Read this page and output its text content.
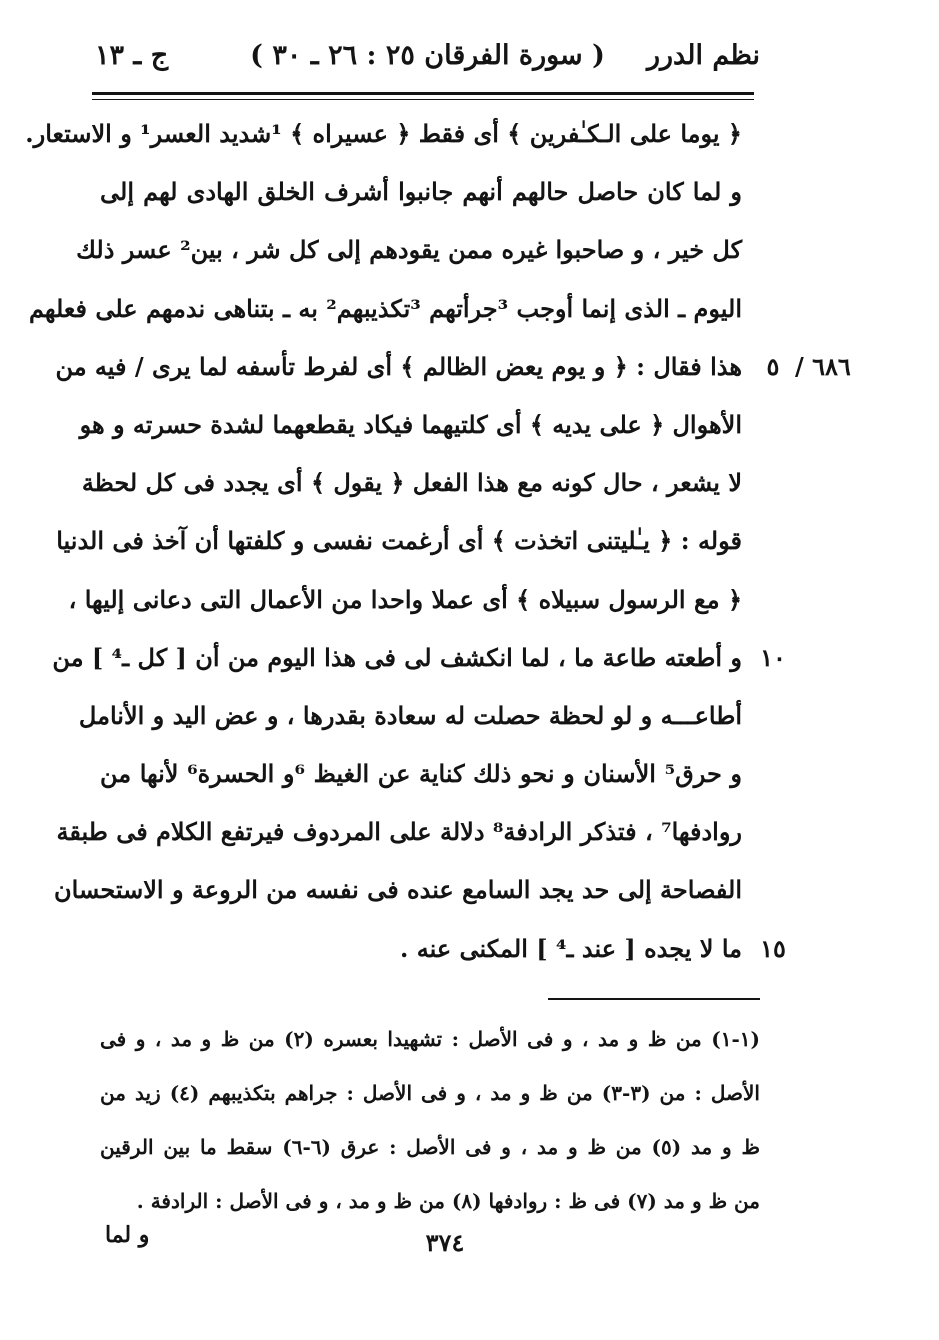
نظم الدرر
( سورة الفرقان ٢٥ : ٢٦ ـ ٣٠ )
ج ـ ١٣
٦٨٦ /
٥
١٠
١٥
﴿ يوما على الـكـٰفرين ﴾ أى فقط ﴿ عسيراه ﴾ ¹شديد العسر¹ و الاستعار.
و لما كان حاصل حالهم أنهم جانبوا أشرف الخلق الهادى لهم إلى
كل خير ، و صاحبوا غيره ممن يقودهم إلى كل شر ، بين² عسر ذلك
اليوم ـ الذى إنما أوجب ³جرأتهم ³تكذيبهم² به ـ بتناهى ندمهم على فعلهم
هذا فقال : ﴿ و يوم يعض الظالم ﴾ أى لفرط تأسفه لما يرى / فيه من
الأهوال ﴿ على يديه ﴾ أى كلتيهما فيكاد يقطعهما لشدة حسرته و هو
لا يشعر ، حال كونه مع هذا الفعل ﴿ يقول ﴾ أى يجدد فى كل لحظة
قوله : ﴿ يـٰليتنى اتخذت ﴾ أى أرغمت نفسى و كلفتها أن آخذ فى الدنيا
﴿ مع الرسول سبيلاه ﴾ أى عملا واحدا من الأعمال التى دعانى إليها ،
و أطعته طاعة ما ، لما انكشف لى فى هذا اليوم من أن [ كل ـ⁴ ] من
أطاعـــه و لو لحظة حصلت له سعادة بقدرها ، و عض اليد و الأنامل
و حرق⁵ الأسنان و نحو ذلك كناية عن الغيظ ⁶و الحسرة⁶ لأنها من
روادفها⁷ ، فتذكر الرادفة⁸ دلالة على المردوف فيرتفع الكلام فى طبقة
الفصاحة إلى حد يجد السامع عنده فى نفسه من الروعة و الاستحسان
ما لا يجده [ عند ـ⁴ ] المكنى عنه .
(١-١) من ظ و مد ، و فى الأصل : تشهيدا بعسره (٢) من ظ و مد ، و فى
الأصل : من (٣-٣) من ظ و مد ، و فى الأصل : جراهم بتكذيبهم (٤) زيد من
ظ و مد (٥) من ظ و مد ، و فى الأصل : عرق (٦-٦) سقط ما بين الرقين
من ظ و مد (٧) فى ظ : روادفها (٨) من ظ و مد ، و فى الأصل : الرادفة .
و لما	٣٧٤
